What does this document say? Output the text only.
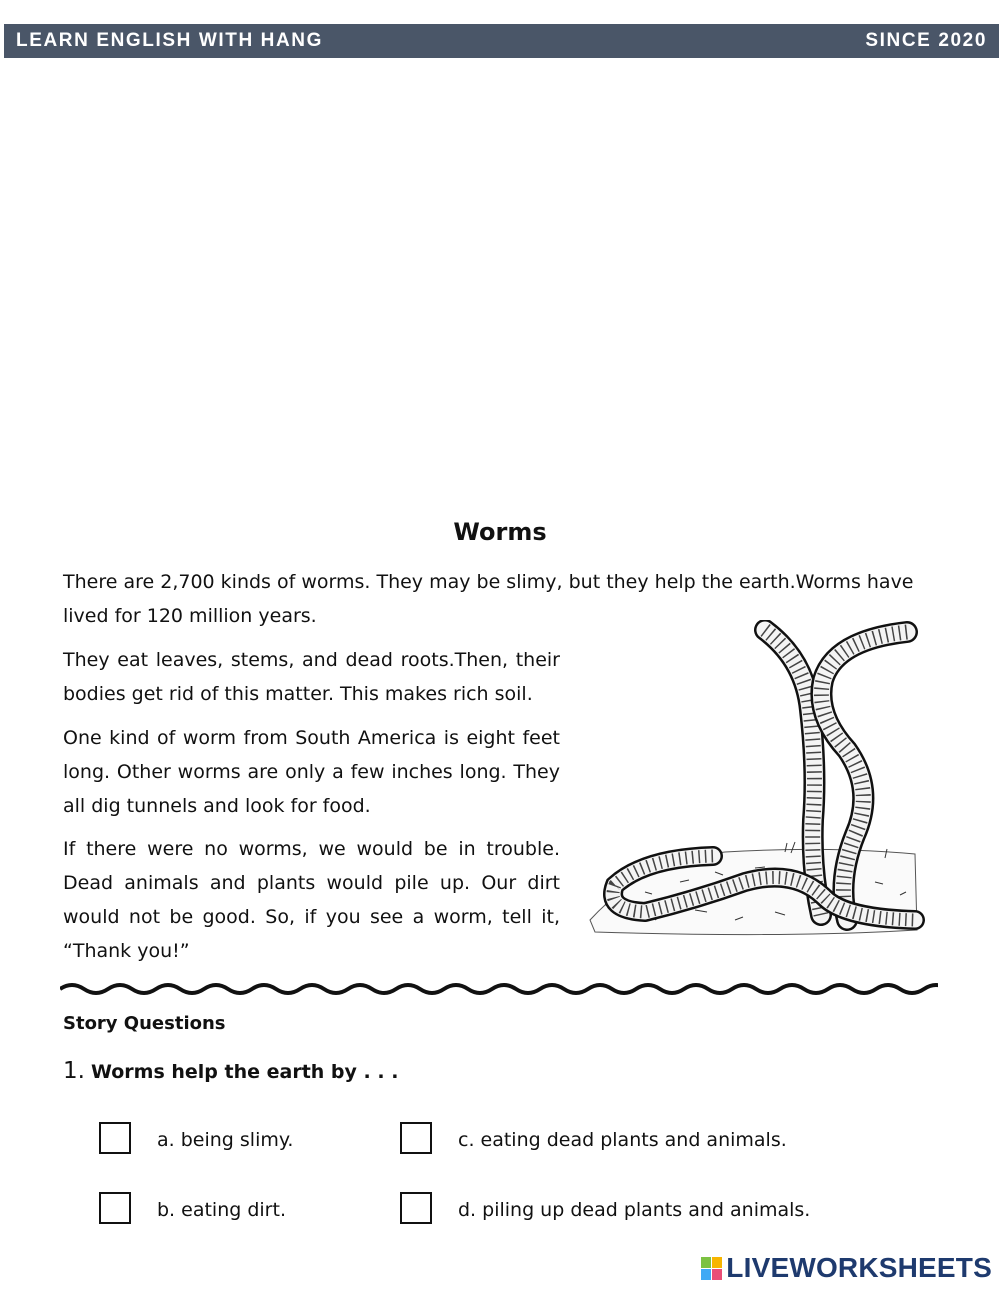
LEARN ENGLISH WITH HANG	SINCE 2020
Worms

There are 2,700 kinds of worms. They may be slimy, but they help the earth.Worms have lived for 120 million years.

They eat leaves, stems, and dead roots.Then, their bodies get rid of this matter. This makes rich soil.

One kind of worm from South America is eight feet long. Other worms are only a few inches long. They all dig tunnels and look for food.

If there were no worms, we would be in trouble. Dead animals and plants would pile up. Our dirt would not be good. So, if you see a worm, tell it, “Thank you!”

Story Questions
1. Worms help the earth by . . .
a. being slimy.	c. eating dead plants and animals.
b. eating dirt.	d. piling up dead plants and animals.
LIVEWORKSHEETS
